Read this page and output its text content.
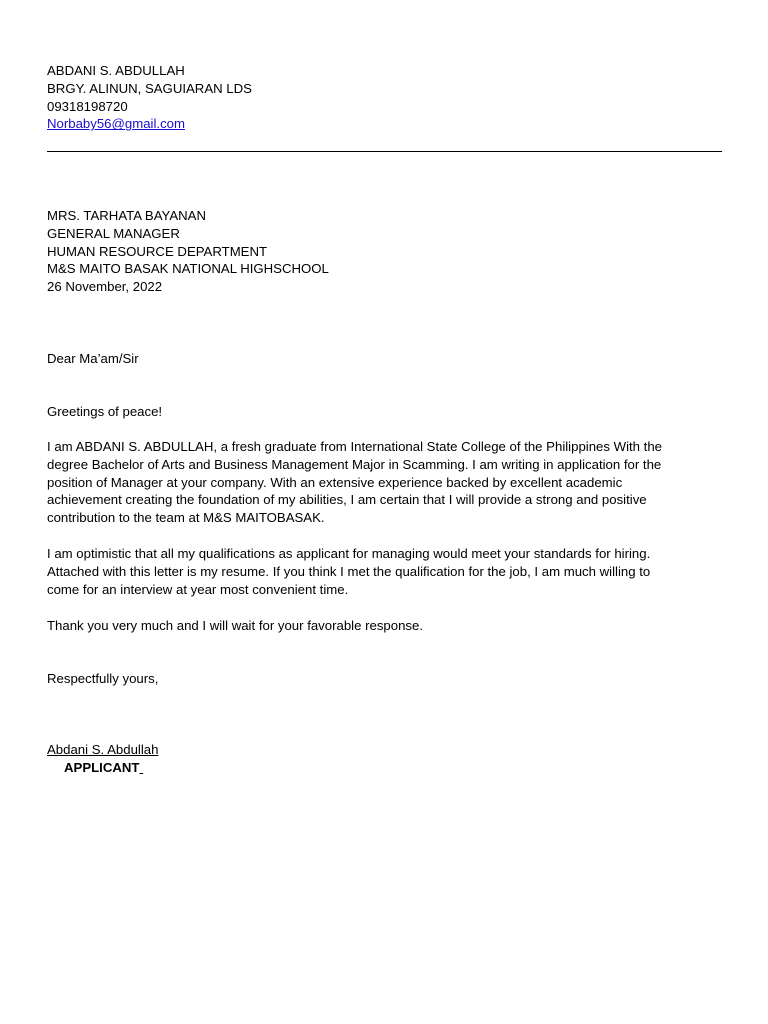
ABDANI S. ABDULLAH
BRGY. ALINUN, SAGUIARAN LDS
09318198720
Norbaby56@gmail.com
MRS. TARHATA BAYANAN
GENERAL MANAGER
HUMAN RESOURCE DEPARTMENT
M&S MAITO BASAK NATIONAL HIGHSCHOOL
26 November, 2022
Dear Ma’am/Sir
Greetings of peace!
I am ABDANI S. ABDULLAH, a fresh graduate from International State College of the Philippines With the
degree Bachelor of Arts and Business Management Major in Scamming. I am writing in application for the
position of Manager at your company. With an extensive experience backed by excellent academic
achievement creating the foundation of my abilities, I am certain that I will provide a strong and positive
contribution to the team at M&S MAITOBASAK.
I am optimistic that all my qualifications as applicant for managing would meet your standards for hiring.
Attached with this letter is my resume. If you think I met the qualification for the job, I am much willing to
come for an interview at year most convenient time.
Thank you very much and I will wait for your favorable response.
Respectfully yours,
Abdani S. Abdullah
APPLICANT
